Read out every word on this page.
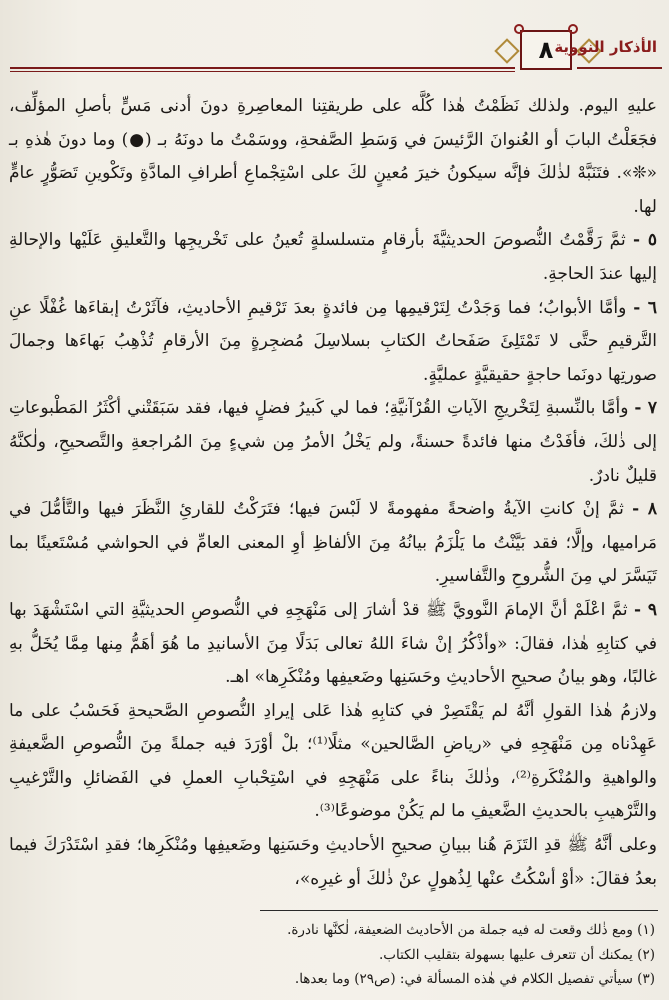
٨ الأذكار النووية

عليهِ اليوم. ولذلك نَظَمْتُ هٰذا كُلَّه على طريقتِنا المعاصِرةِ دونَ أدنى مَسٍّ بأصلِ المؤلِّف، فجَعَلْتُ البابَ أو العُنوانَ الرَّئيسَ في وَسَطِ الصَّفحةِ، ووسَمْتُ ما دونَهُ بـ (●) وما دونَ هٰذهِ بـ «❊». فتَنَبَّهْ لذٰلكَ فإنَّه سيكونُ خيرَ مُعينٍ لكَ على اسْتِجْماعِ أطرافِ المادَّةِ وتَكْوينِ تَصَوُّرٍ عامٍّ لها.

٥ - ثمَّ رَقَّمْتُ النُّصوصَ الحديثيَّةَ بأرقامٍ متسلسلةٍ تُعينُ على تَخْريجِها والتَّعليقِ عَلَيْها والإحالةِ إليها عندَ الحاجةِ.

٦ - وأمَّا الأبوابُ؛ فما وَجَدْتُ لِتَرْقيمِها مِن فائدةٍ بعدَ تَرْقيمِ الأحاديثِ، فآثَرْتُ إبقاءَها غُفْلًا عنِ التَّرقيمِ حتَّى لا تَمْتَلِئَ صَفَحاتُ الكتابِ بسلاسِلَ مُضجِرةٍ مِنَ الأرقامِ تُذْهِبُ بَهاءَها وجمالَ صورتِها دونَما حاجةٍ حقيقيَّةٍ عمليَّةٍ.

٧ - وأمَّا بالنِّسبةِ لِتَخْريجِ الآياتِ القُرْآنيَّةِ؛ فما لي كَبيرُ فضلٍ فيها، فقد سَبَقَتْني أكْثَرُ المَطْبوعاتِ إلى ذٰلكَ، فأفَدْتُ منها فائدةً حسنةً، ولم يَخْلُ الأمرُ مِن شيءٍ مِنَ المُراجعةِ والتَّصحيحِ، ولٰكنَّهُ قليلٌ نادرٌ.

٨ - ثمَّ إنْ كانتِ الآيةُ واضحةً مفهومةً لا لَبْسَ فيها؛ فتَرَكْتُ للقارئِ النَّظَرَ فيها والتَّأمُّلَ في مَراميها، وإلَّا؛ فقد بَيَّنْتُ ما يَلْزَمُ بيانُهُ مِنَ الألفاظِ أوِ المعنى العامِّ في الحواشي مُسْتَعينًا بما تَيَسَّرَ لي مِنَ الشُّروحِ والتَّفاسيرِ.

٩ - ثمَّ اعْلَمْ أنَّ الإمامَ النَّوويَّ ﷺ قدْ أشارَ إلى مَنْهَجِهِ في النُّصوصِ الحديثيَّةِ التي اسْتَشْهَدَ بها في كتابِهِ هٰذا، فقالَ: «وأذْكُرُ إنْ شاءَ اللهُ تعالى بَدَلًا مِنَ الأسانيدِ ما هُوَ أهَمُّ مِنها مِمَّا يُخَلُّ بهِ غالبًا، وهو بيانُ صحيحِ الأحاديثِ وحَسَنِها وضَعيفِها ومُنْكَرِها» اهـ.

ولازمُ هٰذا القولِ أنَّهُ لم يَقْتَصِرْ في كتابِهِ هٰذا عَلى إيرادِ النُّصوصِ الصَّحيحةِ فَحَسْبُ على ما عَهِدْناه مِن مَنْهَجِهِ في «رياضِ الصَّالحين» مثلًا⁽¹⁾؛ بلْ أوْرَدَ فيه جملةً مِنَ النُّصوصِ الضَّعيفةِ والواهيةِ والمُنْكَرةِ⁽²⁾، وذٰلكَ بناءً على مَنْهَجِهِ في اسْتِحْبابِ العملِ في الفَضائلِ والتَّرْغيبِ والتَّرْهيبِ بالحديثِ الضَّعيفِ ما لم يَكُنْ موضوعًا⁽³⁾.

وعلى أنَّهُ ﷺ قدِ التَزَمَ هُنا ببيانِ صحيحِ الأحاديثِ وحَسَنِها وضَعيفِها ومُنْكَرِها؛ فقدِ اسْتَدْرَكَ فيما بعدُ فقالَ: «أوْ أسْكُتُ عنْها لِذُهولٍ عنْ ذٰلكَ أو غيرِه»،

(١) ومع ذٰلك وقعت له فيه جملة من الأحاديث الضعيفة، لٰكنَّها نادرة.

(٢) يمكنك أن تتعرف عليها بسهولة بتقليب الكتاب.

(٣) سيأتي تفصيل الكلام في هٰذه المسألة في: (ص٢٩) وما بعدها.
